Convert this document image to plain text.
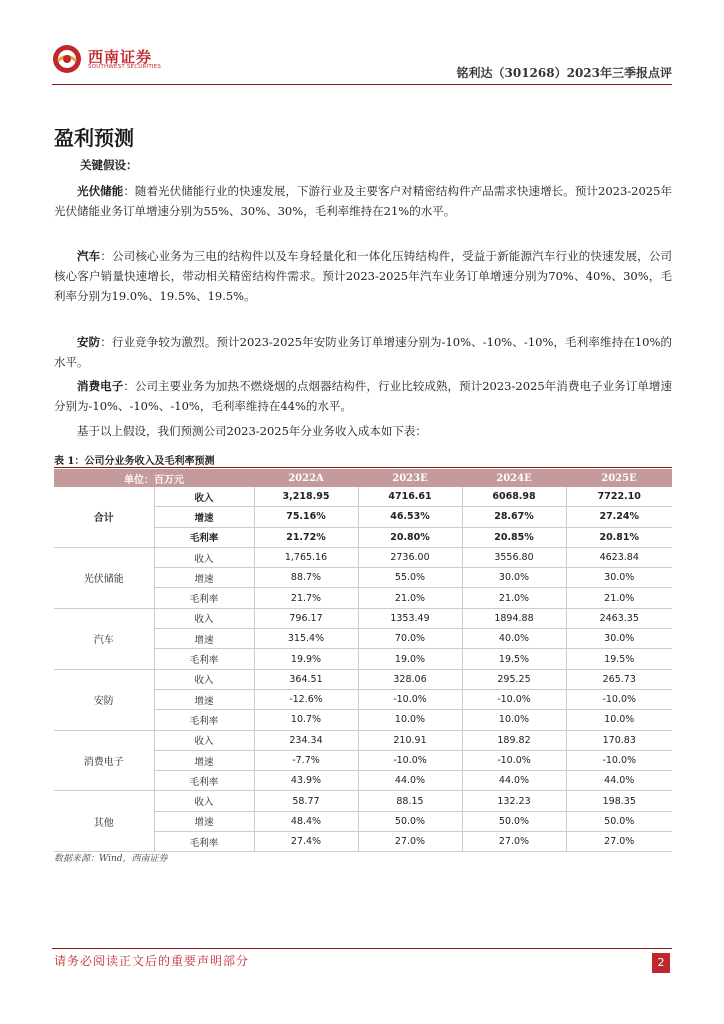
西南证券
SOUTHWEST SECURITIES	铭利达（301268）2023年三季报点评
盈利预测
关键假设：
光伏储能：随着光伏储能行业的快速发展，下游行业及主要客户对精密结构件产品需求快速增长。预计2023-2025年光伏储能业务订单增速分别为55%、30%、30%，毛利率维持在21%的水平。
汽车：公司核心业务为三电的结构件以及车身轻量化和一体化压铸结构件，受益于新能源汽车行业的快速发展，公司核心客户销量快速增长，带动相关精密结构件需求。预计2023-2025年汽车业务订单增速分别为70%、40%、30%，毛利率分别为19.0%、19.5%、19.5%。
安防：行业竞争较为激烈。预计2023-2025年安防业务订单增速分别为-10%、-10%、-10%，毛利率维持在10%的水平。
消费电子：公司主要业务为加热不燃烧烟的点烟器结构件，行业比较成熟，预计2023-2025年消费电子业务订单增速分别为-10%、-10%、-10%，毛利率维持在44%的水平。
基于以上假设，我们预测公司2023-2025年分业务收入成本如下表：
表 1：公司分业务收入及毛利率预测
单位：百万元		2022A	2023E	2024E	2025E
合计	收入	3,218.95	4716.61	6068.98	7722.10
	增速	75.16%	46.53%	28.67%	27.24%
	毛利率	21.72%	20.80%	20.85%	20.81%
光伏储能	收入	1,765.16	2736.00	3556.80	4623.84
	增速	88.7%	55.0%	30.0%	30.0%
	毛利率	21.7%	21.0%	21.0%	21.0%
汽车	收入	796.17	1353.49	1894.88	2463.35
	增速	315.4%	70.0%	40.0%	30.0%
	毛利率	19.9%	19.0%	19.5%	19.5%
安防	收入	364.51	328.06	295.25	265.73
	增速	-12.6%	-10.0%	-10.0%	-10.0%
	毛利率	10.7%	10.0%	10.0%	10.0%
消费电子	收入	234.34	210.91	189.82	170.83
	增速	-7.7%	-10.0%	-10.0%	-10.0%
	毛利率	43.9%	44.0%	44.0%	44.0%
其他	收入	58.77	88.15	132.23	198.35
	增速	48.4%	50.0%	50.0%	50.0%
	毛利率	27.4%	27.0%	27.0%	27.0%
数据来源：Wind，西南证券
请务必阅读正文后的重要声明部分	2
